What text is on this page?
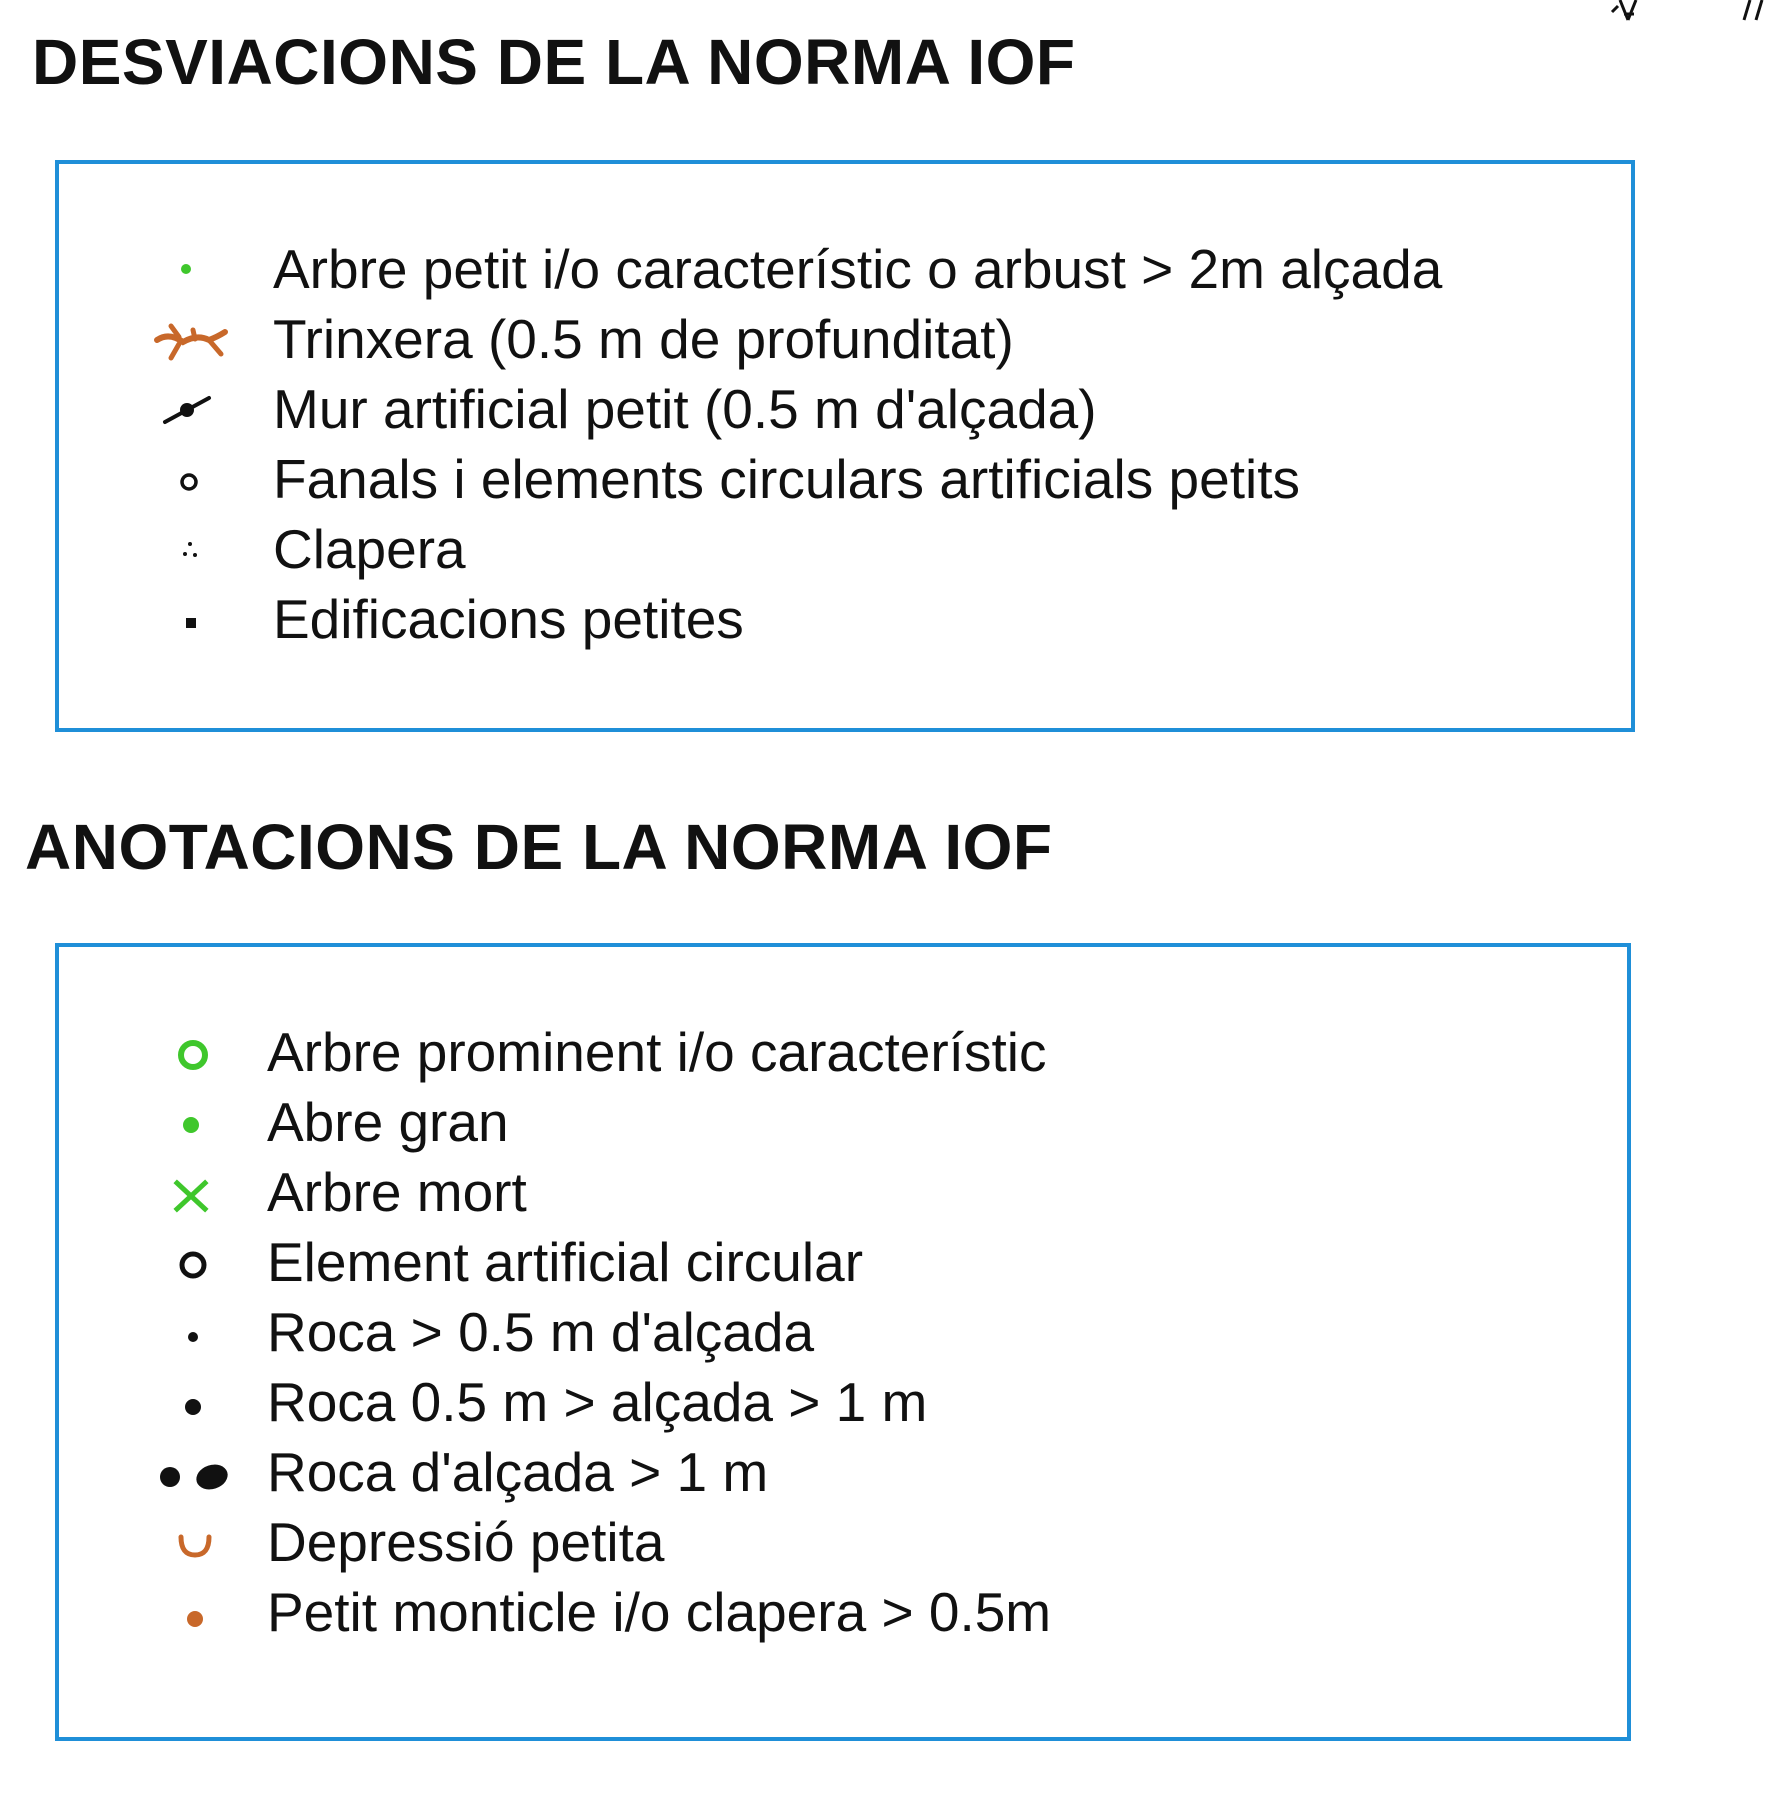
DESVIACIONS DE LA NORMA IOF
Arbre petit i/o característic o arbust > 2m alçada
Trinxera (0.5 m de profunditat)
Mur artificial petit (0.5 m d'alçada)
Fanals i elements circulars artificials petits
Clapera
Edificacions petites
ANOTACIONS DE LA NORMA IOF
Arbre prominent i/o característic
Abre gran
Arbre mort
Element artificial circular
Roca > 0.5 m d'alçada
Roca 0.5 m > alçada > 1 m
Roca d'alçada > 1 m
Depressió petita
Petit monticle i/o clapera > 0.5m
